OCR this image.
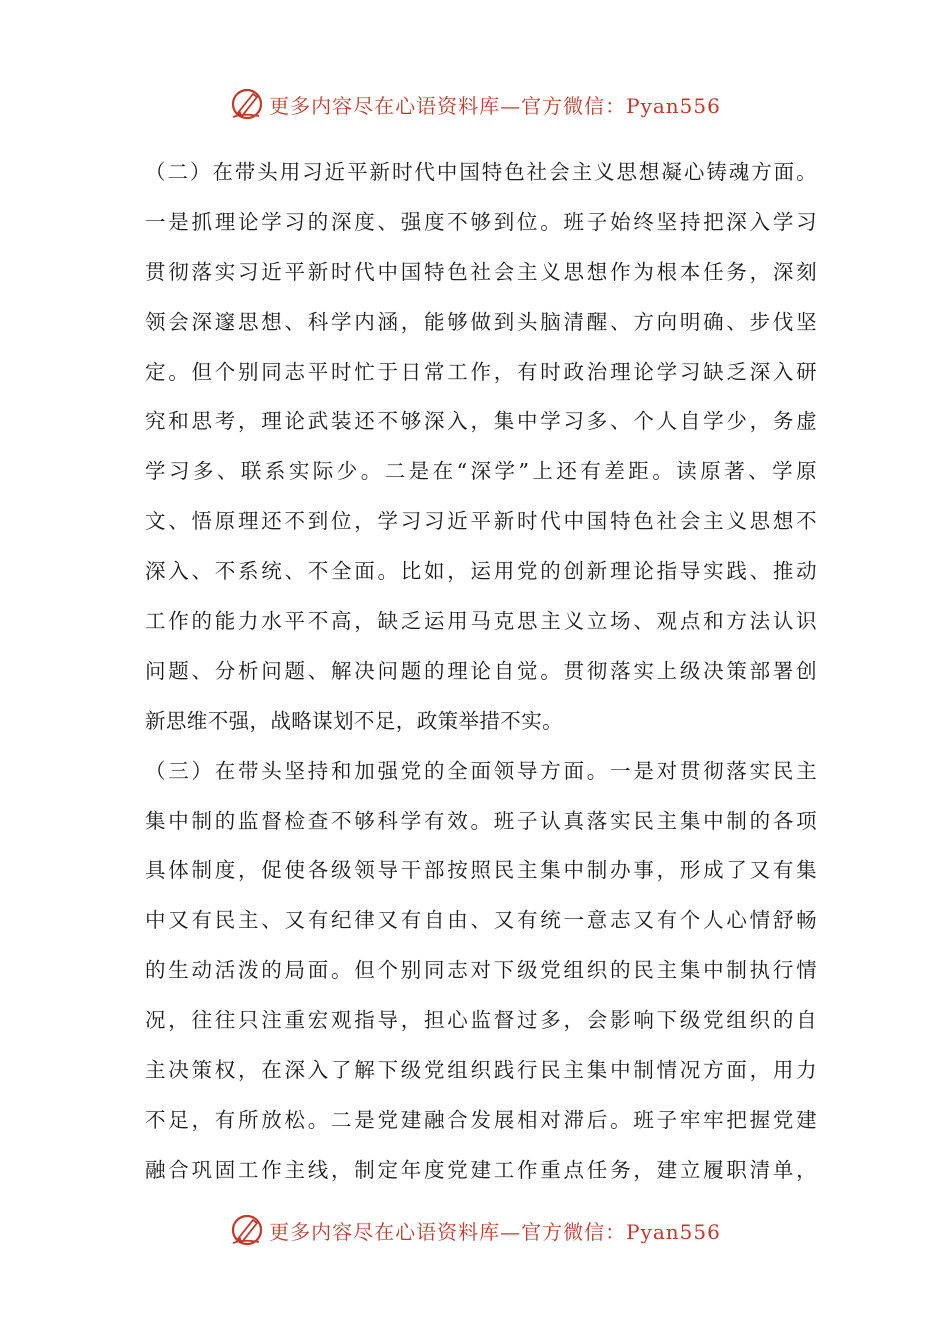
更多内容尽在心语资料库—官方微信：Pyan556
（二）在带头用习近平新时代中国特色社会主义思想凝心铸魂方面。
一是抓理论学习的深度、强度不够到位。班子始终坚持把深入学习
贯彻落实习近平新时代中国特色社会主义思想作为根本任务，深刻
领会深邃思想、科学内涵，能够做到头脑清醒、方向明确、步伐坚
定。但个别同志平时忙于日常工作，有时政治理论学习缺乏深入研
究和思考，理论武装还不够深入，集中学习多、个人自学少，务虚
学习多、联系实际少。二是在“深学”上还有差距。读原著、学原
文、悟原理还不到位，学习习近平新时代中国特色社会主义思想不
深入、不系统、不全面。比如，运用党的创新理论指导实践、推动
工作的能力水平不高，缺乏运用马克思主义立场、观点和方法认识
问题、分析问题、解决问题的理论自觉。贯彻落实上级决策部署创
新思维不强，战略谋划不足，政策举措不实。
（三）在带头坚持和加强党的全面领导方面。一是对贯彻落实民主
集中制的监督检查不够科学有效。班子认真落实民主集中制的各项
具体制度，促使各级领导干部按照民主集中制办事，形成了又有集
中又有民主、又有纪律又有自由、又有统一意志又有个人心情舒畅
的生动活泼的局面。但个别同志对下级党组织的民主集中制执行情
况，往往只注重宏观指导，担心监督过多，会影响下级党组织的自
主决策权，在深入了解下级党组织践行民主集中制情况方面，用力
不足，有所放松。二是党建融合发展相对滞后。班子牢牢把握党建
融合巩固工作主线，制定年度党建工作重点任务，建立履职清单，
更多内容尽在心语资料库—官方微信：Pyan556
